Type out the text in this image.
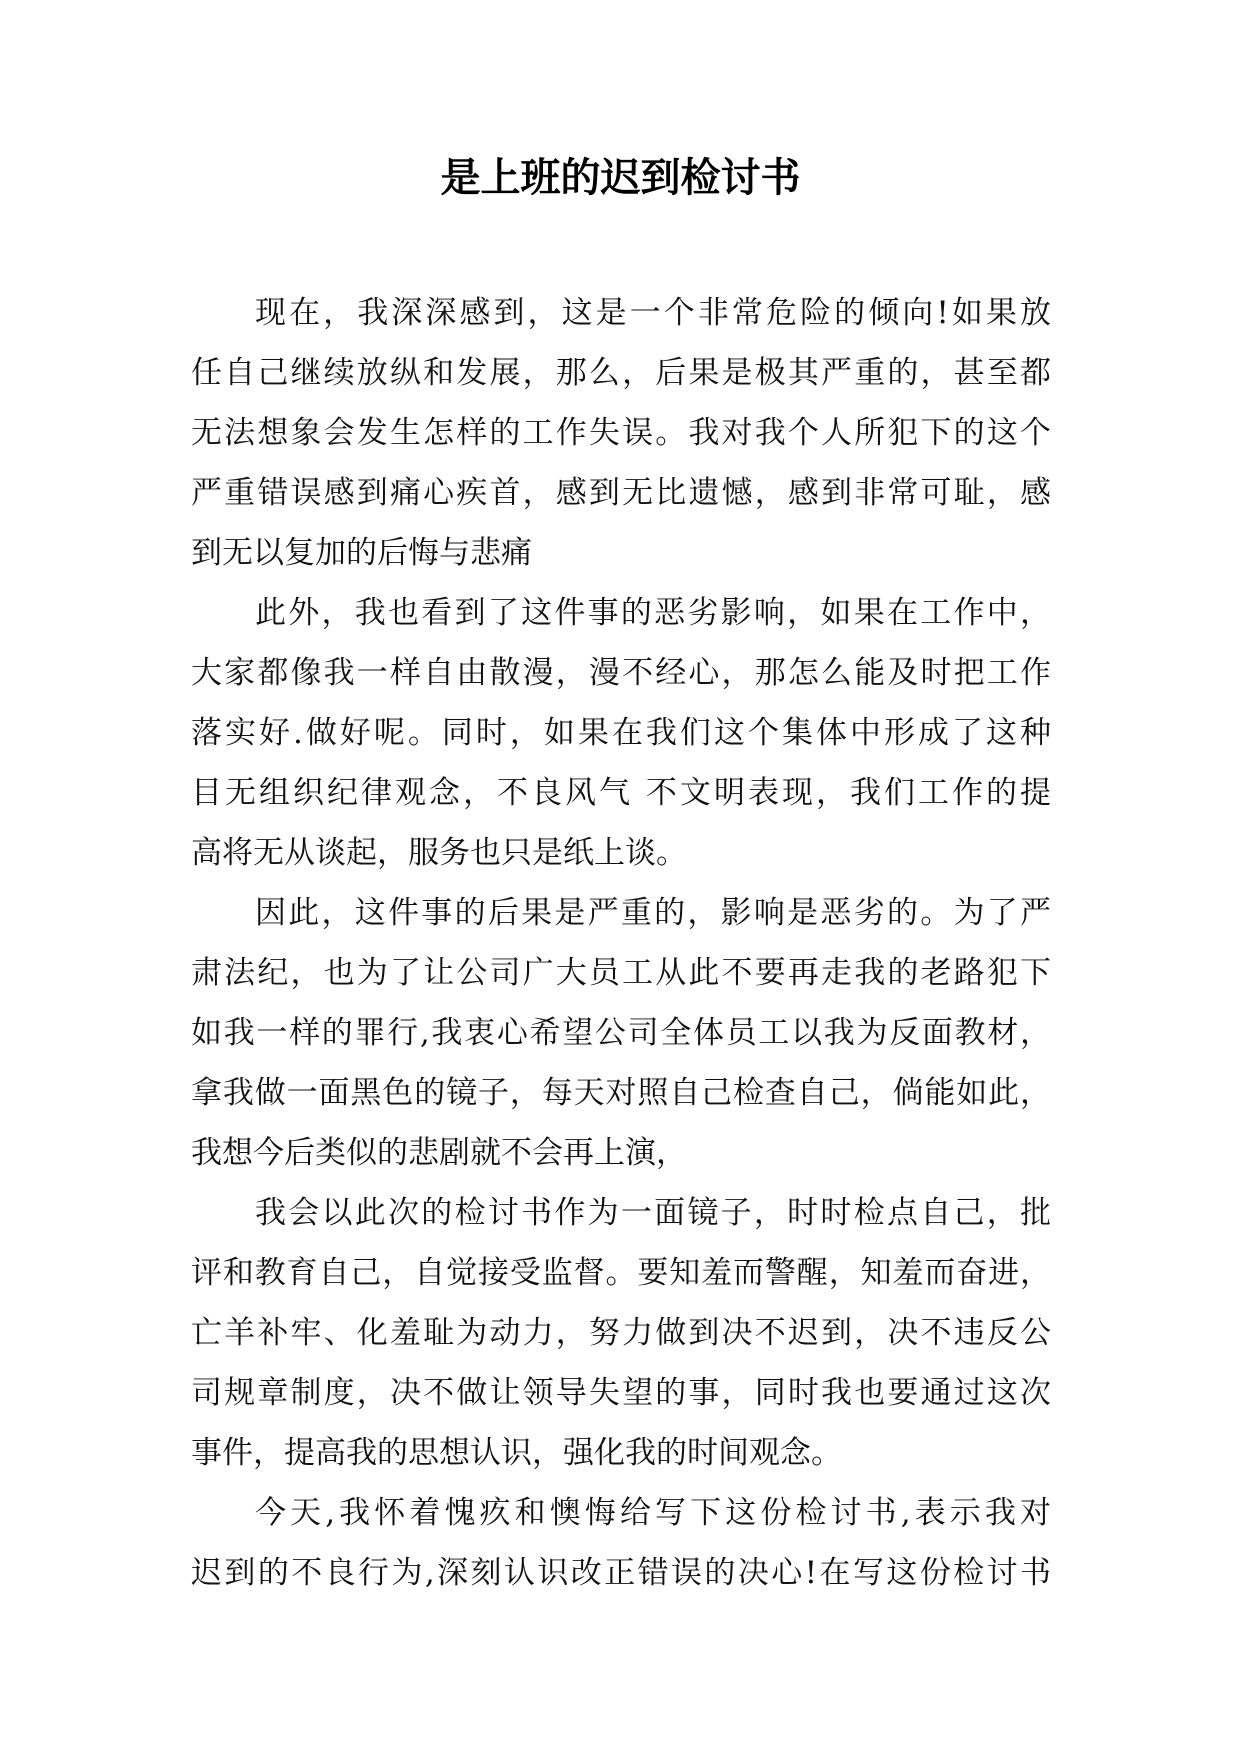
是上班的迟到检讨书

现在，我深深感到，这是一个非常危险的倾向!如果放
任自己继续放纵和发展，那么，后果是极其严重的，甚至都
无法想象会发生怎样的工作失误。我对我个人所犯下的这个
严重错误感到痛心疾首，感到无比遗憾，感到非常可耻，感
到无以复加的后悔与悲痛

此外，我也看到了这件事的恶劣影响，如果在工作中，
大家都像我一样自由散漫，漫不经心，那怎么能及时把工作
落实好.做好呢。同时，如果在我们这个集体中形成了这种
目无组织纪律观念，不良风气 不文明表现，我们工作的提
高将无从谈起，服务也只是纸上谈。

因此，这件事的后果是严重的，影响是恶劣的。为了严
肃法纪，也为了让公司广大员工从此不要再走我的老路犯下
如我一样的罪行,我衷心希望公司全体员工以我为反面教材，
拿我做一面黑色的镜子，每天对照自己检查自己，倘能如此，
我想今后类似的悲剧就不会再上演，

我会以此次的检讨书作为一面镜子，时时检点自己，批
评和教育自己，自觉接受监督。要知羞而警醒，知羞而奋进，
亡羊补牢、化羞耻为动力，努力做到决不迟到，决不违反公
司规章制度，决不做让领导失望的事，同时我也要通过这次
事件，提高我的思想认识，强化我的时间观念。

今天,我怀着愧疚和懊悔给写下这份检讨书,表示我对
迟到的不良行为,深刻认识改正错误的决心!在写这份检讨书
